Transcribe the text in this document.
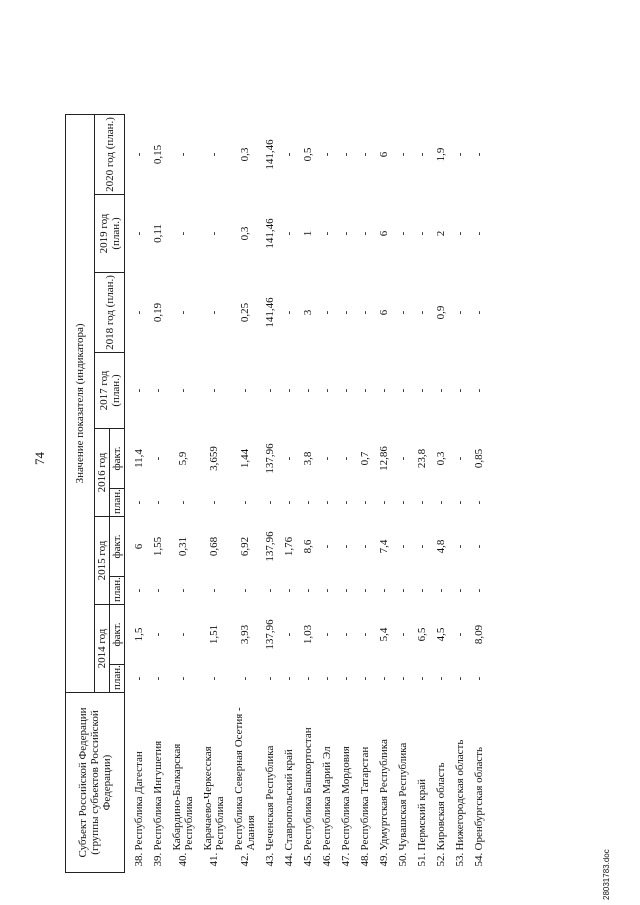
74
Субъект Российской Федерации (группы субъектов Российской Федерации)		Значение показателя (индикатора)									
		2014 год		2015 год		2016 год		2017 год (план.)	2018 год (план.)	2019 год (план.)	2020 год (план.)
		план.	факт.	план.	факт.	план.	факт.				
38.	Республика Дагестан	-	1,5	-	6	-	11,4	-	-	-	-
39.	Республика Ингушетия	-	-	-	1,55	-	-	-	0,19	0,11	0,15
40.	Кабардино-Балкарская Республика	-	-	-	0,31	-	5,9	-	-	-	-
41.	Карачаево-Черкесская Республика	-	1,51	-	0,68	-	3,659	-	-	-	-
42.	Республика Северная Осетия - Алания	-	3,93	-	6,92	-	1,44	-	0,25	0,3	0,3
43.	Чеченская Республика	-	137,96	-	137,96	-	137,96	-	141,46	141,46	141,46
44.	Ставропольский край	-	-	-	1,76	-	-	-	-	-	-
45.	Республика Башкортостан	-	1,03	-	8,6	-	3,8	-	3	1	0,5
46.	Республика Марий Эл	-	-	-	-	-	-	-	-	-	-
47.	Республика Мордовия	-	-	-	-	-	-	-	-	-	-
48.	Республика Татарстан	-	-	-	-	-	0,7	-	-	-	-
49.	Удмуртская Республика	-	5,4	-	7,4	-	12,86	-	6	6	6
50.	Чувашская Республика	-	-	-	-	-	-	-	-	-	-
51.	Пермский край	-	6,5	-	-	-	23,8	-	-	-	-
52.	Кировская область	-	4,5	-	4,8	-	0,3	-	0,9	2	1,9
53.	Нижегородская область	-	-	-	-	-	-	-	-	-	-
54.	Оренбургская область	-	8,09	-	-	-	0,85	-	-	-	-
28031783.doc
